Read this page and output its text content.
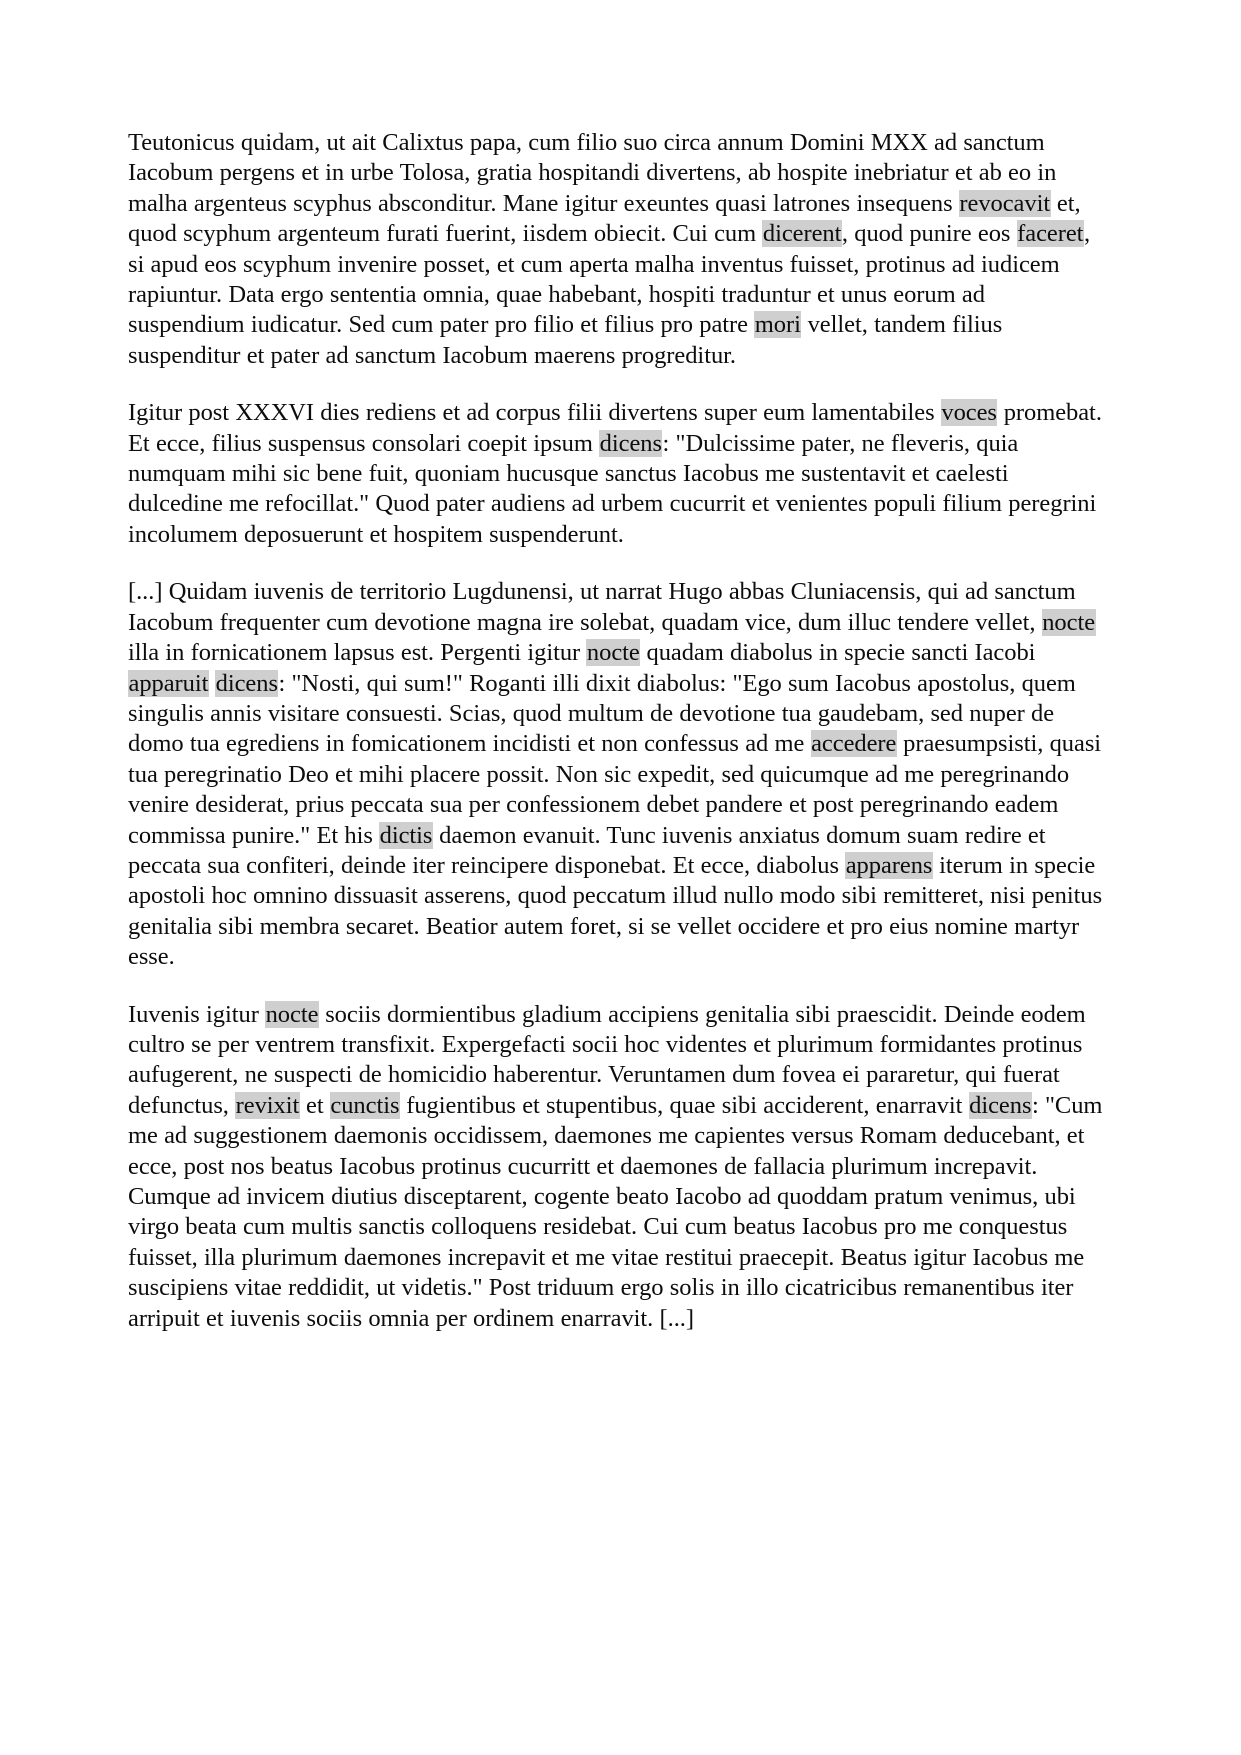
Teutonicus quidam, ut ait Calixtus papa, cum filio suo circa annum Domini MXX ad sanctum Iacobum pergens et in urbe Tolosa, gratia hospitandi divertens, ab hospite inebriatur et ab eo in malha argenteus scyphus absconditur. Mane igitur exeuntes quasi latrones insequens revocavit et, quod scyphum argenteum furati fuerint, iisdem obiecit. Cui cum dicerent, quod punire eos faceret, si apud eos scyphum invenire posset, et cum aperta malha inventus fuisset, protinus ad iudicem rapiuntur. Data ergo sententia omnia, quae habebant, hospiti traduntur et unus eorum ad suspendium iudicatur. Sed cum pater pro filio et filius pro patre mori vellet, tandem filius suspenditur et pater ad sanctum Iacobum maerens progreditur.

Igitur post XXXVI dies rediens et ad corpus filii divertens super eum lamentabiles voces promebat. Et ecce, filius suspensus consolari coepit ipsum dicens: "Dulcissime pater, ne fleveris, quia numquam mihi sic bene fuit, quoniam hucusque sanctus Iacobus me sustentavit et caelesti dulcedine me refocillat." Quod pater audiens ad urbem cucurrit et venientes populi filium peregrini incolumem deposuerunt et hospitem suspenderunt.

[...] Quidam iuvenis de territorio Lugdunensi, ut narrat Hugo abbas Cluniacensis, qui ad sanctum Iacobum frequenter cum devotione magna ire solebat, quadam vice, dum illuc tendere vellet, nocte illa in fornicationem lapsus est. Pergenti igitur nocte quadam diabolus in specie sancti Iacobi apparuit dicens: "Nosti, qui sum!" Roganti illi dixit diabolus: "Ego sum Iacobus apostolus, quem singulis annis visitare consuesti. Scias, quod multum de devotione tua gaudebam, sed nuper de domo tua egrediens in fomicationem incidisti et non confessus ad me accedere praesumpsisti, quasi tua peregrinatio Deo et mihi placere possit. Non sic expedit, sed quicumque ad me peregrinando venire desiderat, prius peccata sua per confessionem debet pandere et post peregrinando eadem commissa punire." Et his dictis daemon evanuit. Tunc iuvenis anxiatus domum suam redire et peccata sua confiteri, deinde iter reincipere disponebat. Et ecce, diabolus apparens iterum in specie apostoli hoc omnino dissuasit asserens, quod peccatum illud nullo modo sibi remitteret, nisi penitus genitalia sibi membra secaret. Beatior autem foret, si se vellet occidere et pro eius nomine martyr esse.

Iuvenis igitur nocte sociis dormientibus gladium accipiens genitalia sibi praescidit. Deinde eodem cultro se per ventrem transfixit. Expergefacti socii hoc videntes et plurimum formidantes protinus aufugerent, ne suspecti de homicidio haberentur. Veruntamen dum fovea ei pararetur, qui fuerat defunctus, revixit et cunctis fugientibus et stupentibus, quae sibi acciderent, enarravit dicens: "Cum me ad suggestionem daemonis occidissem, daemones me capientes versus Romam deducebant, et ecce, post nos beatus Iacobus protinus cucurritt et daemones de fallacia plurimum increpavit. Cumque ad invicem diutius disceptarent, cogente beato Iacobo ad quoddam pratum venimus, ubi virgo beata cum multis sanctis colloquens residebat. Cui cum beatus Iacobus pro me conquestus fuisset, illa plurimum daemones increpavit et me vitae restitui praecepit. Beatus igitur Iacobus me suscipiens vitae reddidit, ut videtis." Post triduum ergo solis in illo cicatricibus remanentibus iter arripuit et iuvenis sociis omnia per ordinem enarravit. [...]
